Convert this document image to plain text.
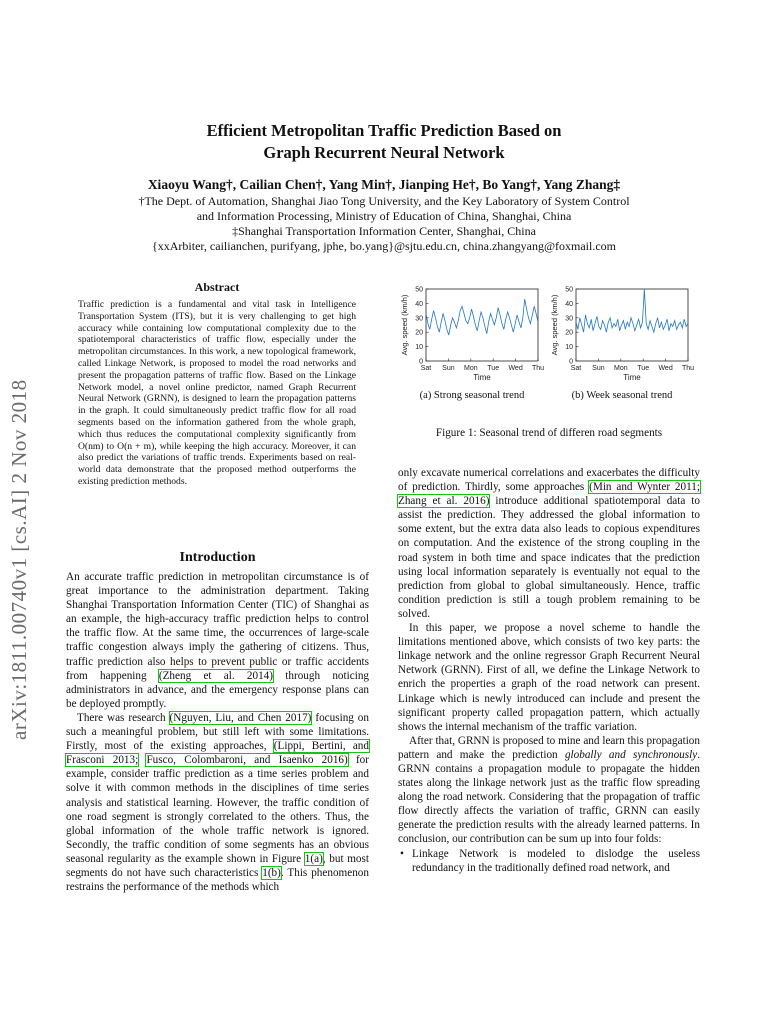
arXiv:1811.00740v1 [cs.AI] 2 Nov 2018
Efficient Metropolitan Traffic Prediction Based on
Graph Recurrent Neural Network
Xiaoyu Wang†, Cailian Chen†, Yang Min†, Jianping He†, Bo Yang†, Yang Zhang‡
†The Dept. of Automation, Shanghai Jiao Tong University, and the Key Laboratory of System Control
and Information Processing, Ministry of Education of China, Shanghai, China
‡Shanghai Transportation Information Center, Shanghai, China
{xxArbiter, cailianchen, purifyang, jphe, bo.yang}@sjtu.edu.cn, china.zhangyang@foxmail.com
Abstract
Traffic prediction is a fundamental and vital task in Intelligence Transportation System (ITS), but it is very challenging to get high accuracy while containing low computational complexity due to the spatiotemporal characteristics of traffic flow, especially under the metropolitan circumstances. In this work, a new topological framework, called Linkage Network, is proposed to model the road networks and present the propagation patterns of traffic flow. Based on the Linkage Network model, a novel online predictor, named Graph Recurrent Neural Network (GRNN), is designed to learn the propagation patterns in the graph. It could simultaneously predict traffic flow for all road segments based on the information gathered from the whole graph, which thus reduces the computational complexity significantly from O(nm) to O(n + m), while keeping the high accuracy. Moreover, it can also predict the variations of traffic trends. Experiments based on real-world data demonstrate that the proposed method outperforms the existing prediction methods.
Introduction

An accurate traffic prediction in metropolitan circumstance is of great importance to the administration department. Taking Shanghai Transportation Information Center (TIC) of Shanghai as an example, the high-accuracy traffic prediction helps to control the traffic flow. At the same time, the occurrences of large-scale traffic congestion always imply the gathering of citizens. Thus, traffic prediction also helps to prevent public or traffic accidents from happening (Zheng et al. 2014) through noticing administrators in advance, and the emergency response plans can be deployed promptly.

There was research (Nguyen, Liu, and Chen 2017) focusing on such a meaningful problem, but still left with some limitations. Firstly, most of the existing approaches, (Lippi, Bertini, and Frasconi 2013; Fusco, Colombaroni, and Isaenko 2016) for example, consider traffic prediction as a time series problem and solve it with common methods in the disciplines of time series analysis and statistical learning. However, the traffic condition of one road segment is strongly correlated to the others. Thus, the global information of the whole traffic network is ignored. Secondly, the traffic condition of some segments has an obvious seasonal regularity as the example shown in Figure 1(a), but most segments do not have such characteristics 1(b). This phenomenon restrains the performance of the methods which

0
10
20
30
40
50
Sat Sun Mon Tue Wed Thu
Time
Avg. speed (km/h)
0
10
20
30
40
50
Sat Sun Mon Tue Wed Thu
Time
Avg. speed (km/h)
(a) Strong seasonal trend	(b) Week seasonal trend
Figure 1: Seasonal trend of differen road segments

only excavate numerical correlations and exacerbates the difficulty of prediction. Thirdly, some approaches (Min and Wynter 2011; Zhang et al. 2016) introduce additional spatiotemporal data to assist the prediction. They addressed the global information to some extent, but the extra data also leads to copious expenditures on computation. And the existence of the strong coupling in the road system in both time and space indicates that the prediction using local information separately is eventually not equal to the prediction from global to global simultaneously. Hence, traffic condition prediction is still a tough problem remaining to be solved.

In this paper, we propose a novel scheme to handle the limitations mentioned above, which consists of two key parts: the linkage network and the online regressor Graph Recurrent Neural Network (GRNN). First of all, we define the Linkage Network to enrich the properties a graph of the road network can present. Linkage which is newly introduced can include and present the significant property called propagation pattern, which actually shows the internal mechanism of the traffic variation.

After that, GRNN is proposed to mine and learn this propagation pattern and make the prediction globally and synchronously. GRNN contains a propagation module to propagate the hidden states along the linkage network just as the traffic flow spreading along the road network. Considering that the propagation of traffic flow directly affects the variation of traffic, GRNN can easily generate the prediction results with the already learned patterns. In conclusion, our contribution can be sum up into four folds:

• Linkage Network is modeled to dislodge the useless redundancy in the traditionally defined road network, and
